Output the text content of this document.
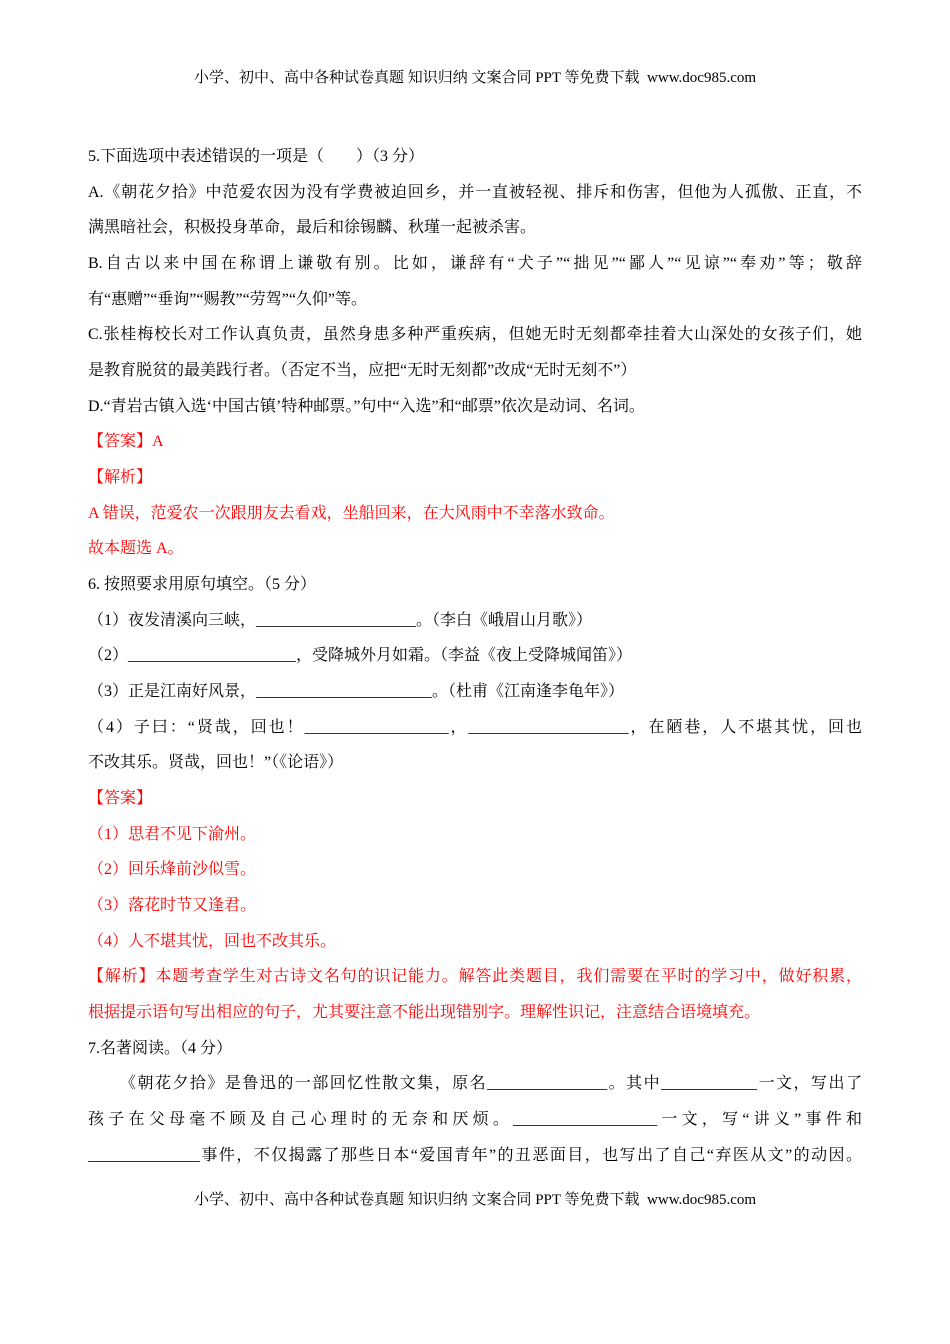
小学、初中、高中各种试卷真题 知识归纳 文案合同 PPT 等免费下载  www.doc985.com
5.下面选项中表述错误的一项是（　　）（3 分）
A.《朝花夕拾》中范爱农因为没有学费被迫回乡，并一直被轻视、排斥和伤害，但他为人孤傲、正直，不
满黑暗社会，积极投身革命，最后和徐锡麟、秋瑾一起被杀害。
B.自古以来中国在称谓上谦敬有别。比如，谦辞有“犬子”“拙见”“鄙人”“见谅”“奉劝”等；敬辞
有“惠赠”“垂询”“赐教”“劳驾”“久仰”等。
C.张桂梅校长对工作认真负责，虽然身患多种严重疾病，但她无时无刻都牵挂着大山深处的女孩子们，她
是教育脱贫的最美践行者。（否定不当，应把“无时无刻都”改成“无时无刻不”）
D.“青岩古镇入选‘中国古镇’特种邮票。”句中“入选”和“邮票”依次是动词、名词。
【答案】A
【解析】
A 错误，范爱农一次跟朋友去看戏，坐船回来，在大风雨中不幸落水致命。
故本题选 A。
6. 按照要求用原句填空。（5 分）
（1）夜发清溪向三峡，____________________。（李白《峨眉山月歌》）
（2）_____________________，受降城外月如霜。（李益《夜上受降城闻笛》）
（3）正是江南好风景，______________________。（杜甫《江南逢李龟年》）
（4）子曰：“贤哉，回也！__________________，____________________，在陋巷，人不堪其忧，回也
不改其乐。贤哉，回也！”（《论语》）
【答案】
（1）思君不见下渝州。
（2）回乐烽前沙似雪。
（3）落花时节又逢君。
（4）人不堪其忧，回也不改其乐。
【解析】本题考查学生对古诗文名句的识记能力。解答此类题目，我们需要在平时的学习中，做好积累，
根据提示语句写出相应的句子，尤其要注意不能出现错别字。理解性识记，注意结合语境填充。
7.名著阅读。（4 分）
《朝花夕拾》是鲁迅的一部回忆性散文集，原名_______________。其中____________一文，写出了
孩子在父母毫不顾及自己心理时的无奈和厌烦。__________________一文，写“讲义”事件和
______________事件，不仅揭露了那些日本“爱国青年”的丑恶面目，也写出了自己“弃医从文”的动因。
小学、初中、高中各种试卷真题 知识归纳 文案合同 PPT 等免费下载  www.doc985.com
